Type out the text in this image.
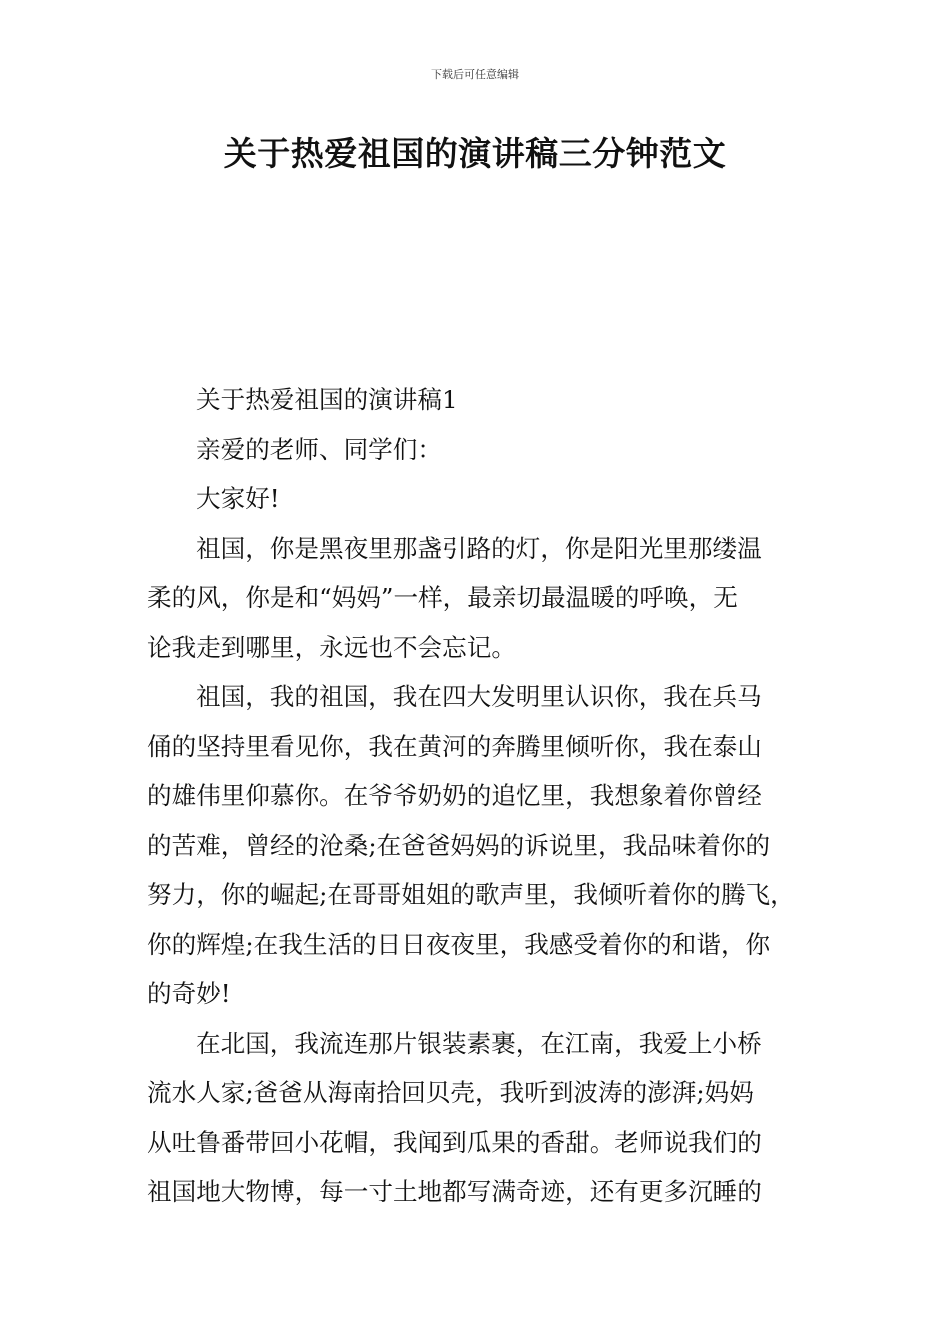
下载后可任意编辑
关于热爱祖国的演讲稿三分钟范文

关于热爱祖国的演讲稿1

亲爱的老师、同学们：

大家好!

祖国，你是黑夜里那盏引路的灯，你是阳光里那缕温
柔的风，你是和“妈妈”一样，最亲切最温暖的呼唤，无
论我走到哪里，永远也不会忘记。

祖国，我的祖国，我在四大发明里认识你，我在兵马
俑的坚持里看见你，我在黄河的奔腾里倾听你，我在泰山
的雄伟里仰慕你。在爷爷奶奶的追忆里，我想象着你曾经
的苦难，曾经的沧桑;在爸爸妈妈的诉说里，我品味着你的
努力，你的崛起;在哥哥姐姐的歌声里，我倾听着你的腾飞，
你的辉煌;在我生活的日日夜夜里，我感受着你的和谐，你
的奇妙!

在北国，我流连那片银装素裹，在江南，我爱上小桥
流水人家;爸爸从海南拾回贝壳，我听到波涛的澎湃;妈妈
从吐鲁番带回小花帽，我闻到瓜果的香甜。老师说我们的
祖国地大物博，每一寸土地都写满奇迹，还有更多沉睡的
